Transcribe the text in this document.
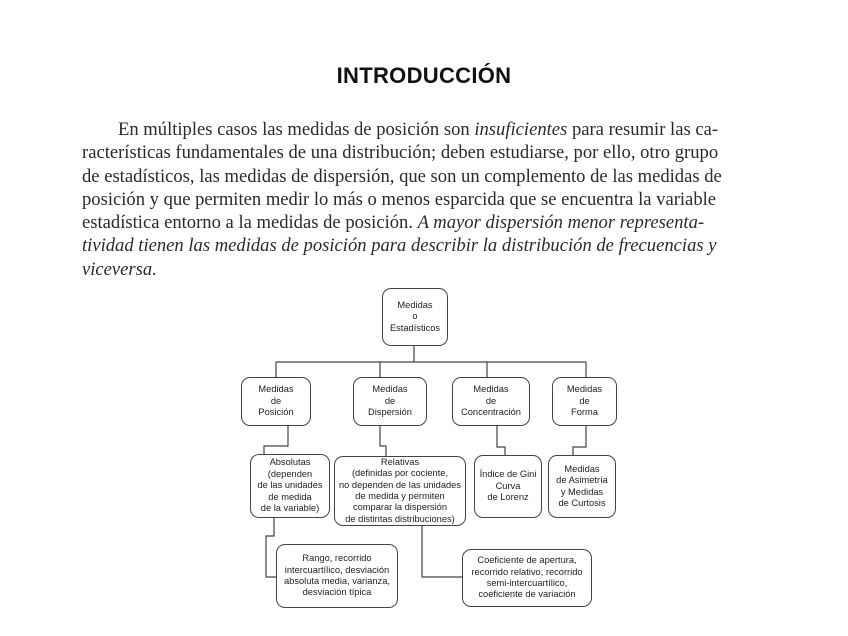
INTRODUCCIÓN
En múltiples casos las medidas de posición son insuficientes para resumir las ca-
racterísticas fundamentales de una distribución; deben estudiarse, por ello, otro grupo
de estadísticos, las medidas de dispersión, que son un complemento de las medidas de
posición y que permiten medir lo más o menos esparcida que se encuentra la variable
estadística entorno a la medidas de posición. A mayor dispersión menor representa-
tividad tienen las medidas de posición para describir la distribución de frecuencias y
viceversa.
Medidas
o
Estadísticos
Medidas
de
Posición
Medidas
de
Dispersión
Medidas
de
Concentración
Medidas
de
Forma
Absolutas
(dependen
de las unidades
de medida
de la variable)
Relativas
(definidas por cociente,
no dependen de las unidades
de medida y permiten
comparar la dispersión
de distintas distribuciones)
Índice de Gini
Curva
de Lorenz
Medidas
de Asimetría
y Medidas
de Curtosis
Rango, recorrido
intercuartílico, desviación
absoluta media, varianza,
desviación típica
Coeficiente de apertura,
recorrido relativo, recorrido
semi-intercuartílico,
coeficiente de variación
